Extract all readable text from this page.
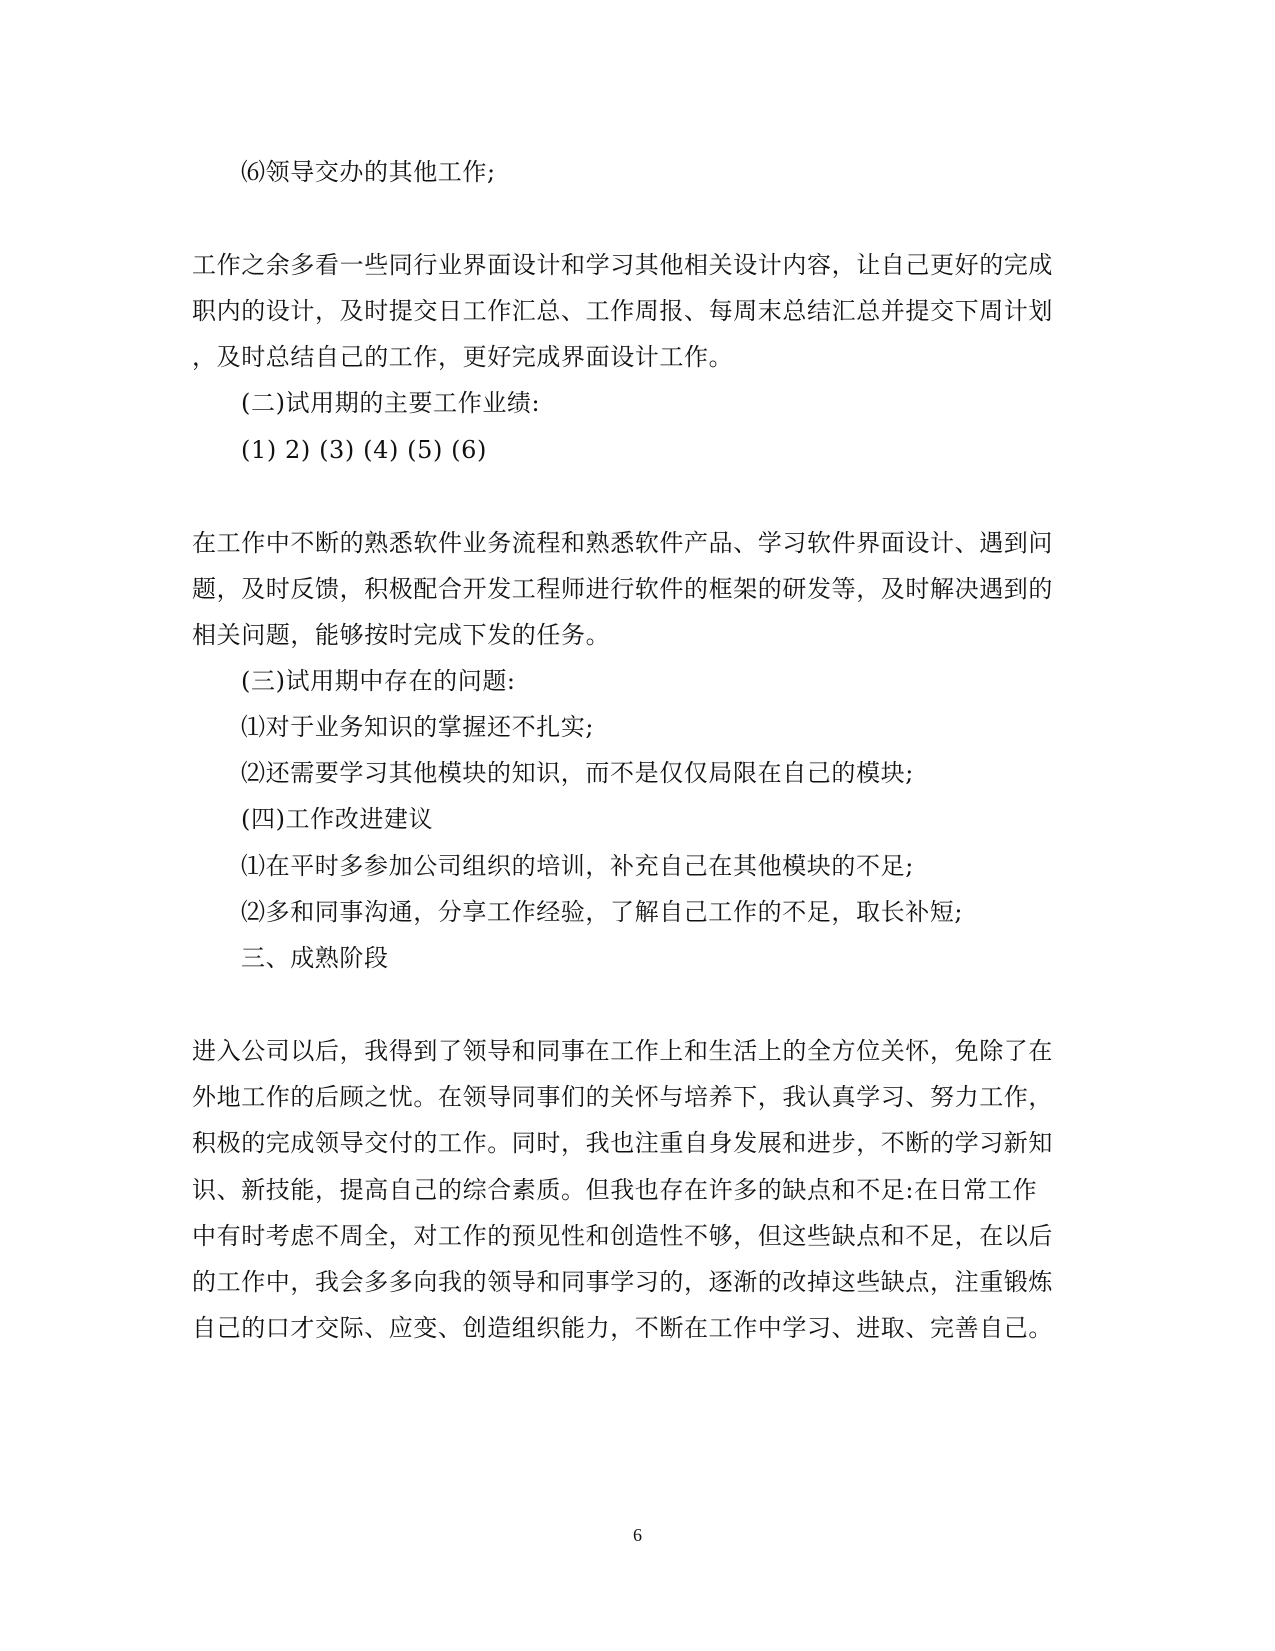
⑹领导交办的其他工作;
工作之余多看一些同行业界面设计和学习其他相关设计内容，让自己更好的完成
职内的设计，及时提交日工作汇总、工作周报、每周末总结汇总并提交下周计划
，及时总结自己的工作，更好完成界面设计工作。
(二)试用期的主要工作业绩:
(1) 2) (3) (4) (5) (6)
在工作中不断的熟悉软件业务流程和熟悉软件产品、学习软件界面设计、遇到问
题，及时反馈，积极配合开发工程师进行软件的框架的研发等，及时解决遇到的
相关问题，能够按时完成下发的任务。
(三)试用期中存在的问题:
⑴对于业务知识的掌握还不扎实;
⑵还需要学习其他模块的知识，而不是仅仅局限在自己的模块;
(四)工作改进建议
⑴在平时多参加公司组织的培训，补充自己在其他模块的不足;
⑵多和同事沟通，分享工作经验，了解自己工作的不足，取长补短;
三、成熟阶段
进入公司以后，我得到了领导和同事在工作上和生活上的全方位关怀，免除了在
外地工作的后顾之忧。在领导同事们的关怀与培养下，我认真学习、努力工作，
积极的完成领导交付的工作。同时，我也注重自身发展和进步，不断的学习新知
识、新技能，提高自己的综合素质。但我也存在许多的缺点和不足:在日常工作
中有时考虑不周全，对工作的预见性和创造性不够，但这些缺点和不足，在以后
的工作中，我会多多向我的领导和同事学习的，逐渐的改掉这些缺点，注重锻炼
自己的口才交际、应变、创造组织能力，不断在工作中学习、进取、完善自己。
6
